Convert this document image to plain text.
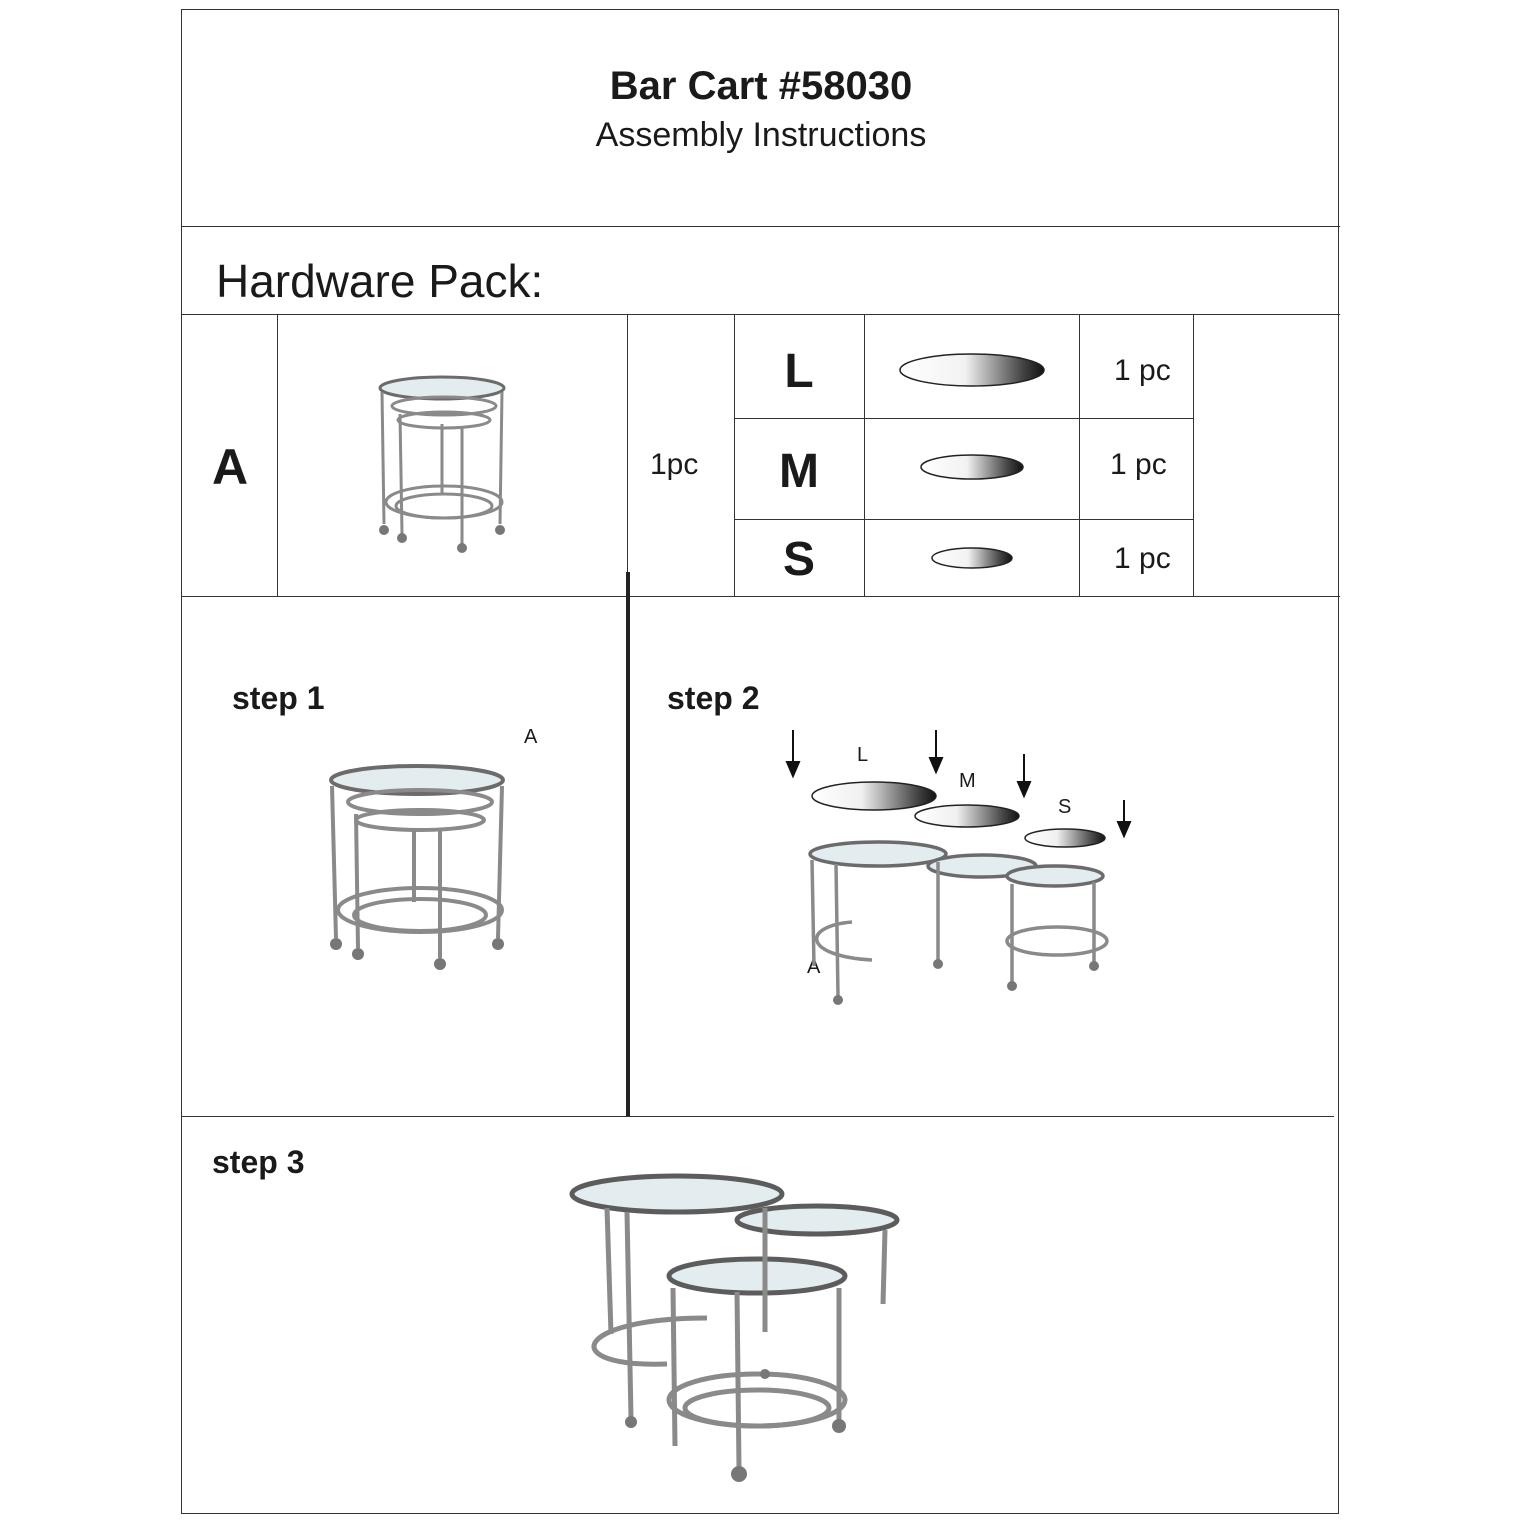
Bar Cart #58030
Assembly Instructions
Hardware Pack:
A	1pc
L
M
S
1 pc
1 pc
1 pc
step 1
A
step 2
L
M
S
A
step 3
